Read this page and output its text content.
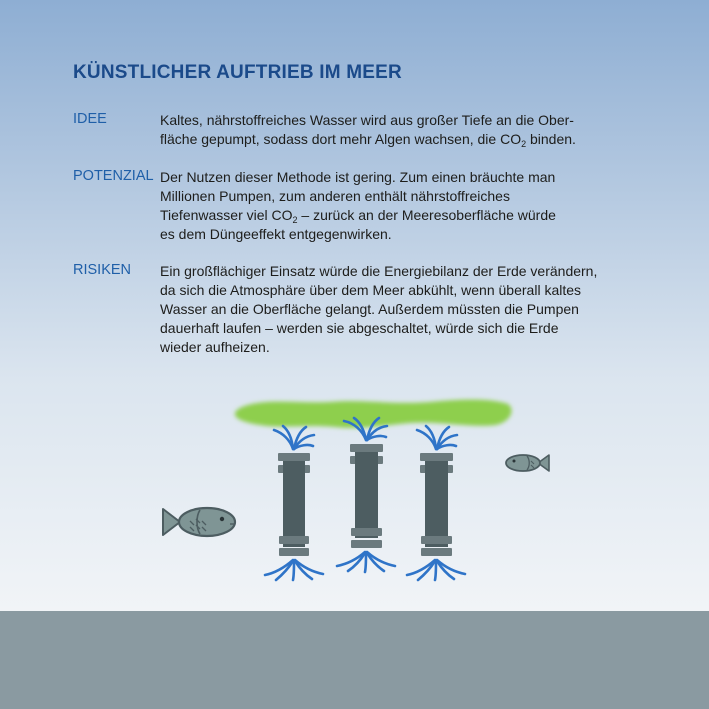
KÜNSTLICHER AUFTRIEB IM MEER
IDEE	Kaltes, nährstoffreiches Wasser wird aus großer Tiefe an die Ober-
fläche gepumpt, sodass dort mehr Algen wachsen, die $CO_2$ binden.
POTENZIAL Der Nutzen dieser Methode ist gering. Zum einen bräuchte man
Millionen Pumpen, zum anderen enthält nährstoffreiches
Tiefenwasser viel $CO_2$ – zurück an der Meeresoberfläche würde
es dem Düngeeffekt entgegenwirken.
RISIKEN Ein großflächiger Einsatz würde die Energiebilanz der Erde verändern,
da sich die Atmosphäre über dem Meer abkühlt, wenn überall kaltes
Wasser an die Oberfläche gelangt. Außerdem müssten die Pumpen
dauerhaft laufen – werden sie abgeschaltet, würde sich die Erde
wieder aufheizen.
